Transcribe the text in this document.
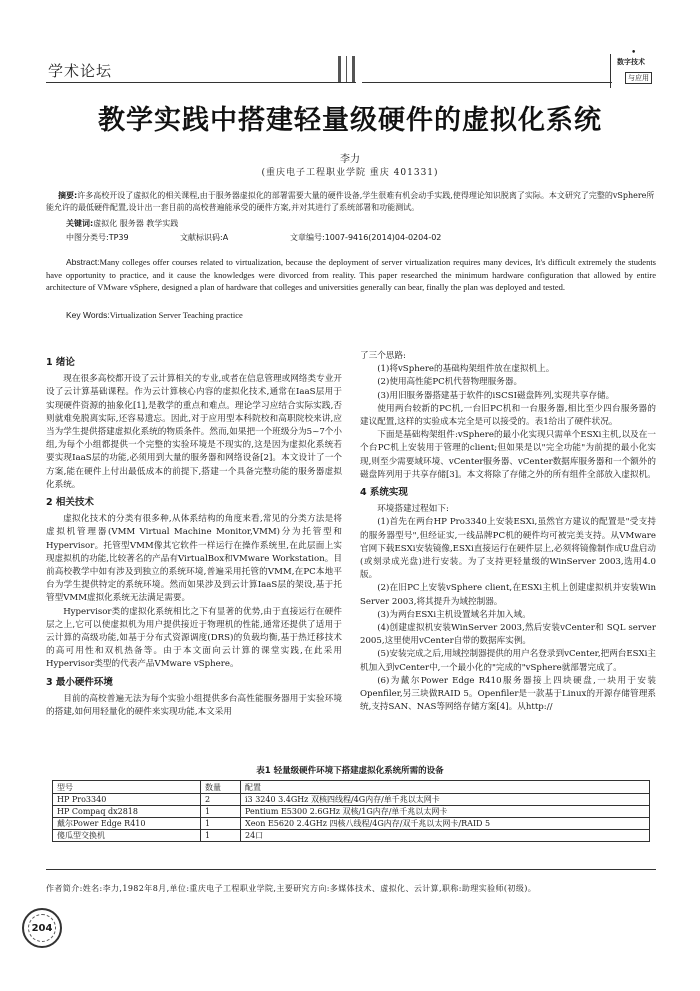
学术论坛
•
数字技术
与应用
教学实践中搭建轻量级硬件的虚拟化系统
李力
(重庆电子工程职业学院 重庆 401331)
摘要:许多高校开设了虚拟化的相关课程,由于服务器虚拟化的部署需要大量的硬件设备,学生很难有机会动手实践,使得理论知识脱离了实际。本文研究了完整的vSphere所能允许的最低硬件配置,设计出一套目前的高校普遍能承受的硬件方案,并对其进行了系统部署和功能测试。
关键词:虚拟化 服务器 教学实践
中图分类号:TP39	文献标识码:A	文章编号:1007-9416(2014)04-0204-02
Abstract:Many colleges offer courses related to virtualization, because the deployment of server virtualization requires many devices, It's difficult extremely the students have opportunity to practice, and it cause the knowledges were divorced from reality. This paper researched the minimum hardware configuration that allowed by entire architecture of VMware vSphere, designed a plan of hardware that colleges and universities generally can bear, finally the plan was deployed and tested.
Key Words:Virtualization Server Teaching practice
1 绪论

现在很多高校都开设了云计算相关的专业,或者在信息管理或网络类专业开设了云计算基础课程。作为云计算核心内容的虚拟化技术,通常在IaaS层用于实现硬件资源的抽象化[1],是教学的重点和难点。理论学习应结合实际实践,否则就难免脱离实际,还容易遗忘。因此,对于应用型本科院校和高职院校来讲,应当为学生提供搭建虚拟化系统的物质条件。然而,如果把一个班级分为5~7个小组,为每个小组都提供一个完整的实验环境是不现实的,这是因为虚拟化系统若要实现IaaS层的功能,必须用到大量的服务器和网络设备[2]。本文设计了一个方案,能在硬件上付出最低成本的前提下,搭建一个具备完整功能的服务器虚拟化系统。

2 相关技术

虚拟化技术的分类有很多种,从体系结构的角度来看,常见的分类方法是将虚拟机管理器(VMM Virtual Machine Monitor,VMM)分为托管型和Hypervisor。托管型VMM像其它软件一样运行在操作系统里,在此层面上实现虚拟机的功能,比较著名的产品有VirtualBox和VMware Workstation。目前高校教学中如有涉及到独立的系统环境,普遍采用托管的VMM,在PC本地平台为学生提供特定的系统环境。然而如果涉及到云计算IaaS层的架设,基于托管型VMM虚拟化系统无法满足需要。

Hypervisor类的虚拟化系统相比之下有显著的优势,由于直接运行在硬件层之上,它可以使虚拟机为用户提供接近于物理机的性能,通常还提供了适用于云计算的高级功能,如基于分布式资源调度(DRS)的负载均衡,基于热迁移技术的高可用性和双机热备等。由于本文面向云计算的课堂实践,在此采用Hypervisor类型的代表产品VMware vSphere。

3 最小硬件环境

目前的高校普遍无法为每个实验小组提供多台高性能服务器用于实验环境的搭建,如何用轻量化的硬件来实现功能,本文采用

了三个思路:

(1)将vSphere的基础构架组件放在虚拟机上。

(2)使用高性能PC机代替物理服务器。

(3)用旧服务器搭建基于软件的iSCSI磁盘阵列,实现共享存储。

使用两台较新的PC机,一台旧PC机和一台服务器,相比至少四台服务器的建议配置,这样的实验成本完全是可以接受的。表1给出了硬件状况。

下面是基础构架组件:vSphere的最小化实现只需单个ESXi主机,以及在一个台PC机上安装用于管理的client;但如果是以"完全功能"为前提的最小化实现,则至少需要域环境、vCenter服务器、vCenter数据库服务器和一个额外的磁盘阵列用于共享存储[3]。本文将除了存储之外的所有组件全部放入虚拟机。

4 系统实现

环境搭建过程如下:

(1)首先在两台HP Pro3340上安装ESXi,虽然官方建议的配置是"受支持的服务器型号",但经证实,一线品牌PC机的硬件均可被完美支持。从VMware官网下载ESXi安装镜像,ESXi直接运行在硬件层上,必须将镜像制作成U盘启动(或刻录成光盘)进行安装。为了支持更轻量级的WinServer 2003,选用4.0版。

(2)在旧PC上安装vSphere client,在ESXi主机上创建虚拟机并安装Win Server 2003,将其提升为域控制器。

(3)为两台ESXi主机设置域名并加入域。

(4)创建虚拟机安装WinServer 2003,然后安装vCenter和 SQL server 2005,这里使用vCenter自带的数据库实例。

(5)安装完成之后,用域控制器提供的用户名登录到vCenter,把两台ESXi主机加入到vCenter中,一个最小化的"完成的"vSphere就部署完成了。

(6)为戴尔Power Edge R410服务器接上四块硬盘,一块用于安装Openfiler,另三块做RAID 5。Openfiler是一款基于Linux的开源存储管理系统,支持SAN、NAS等网络存储方案[4]。从http://

表1 轻量级硬件环境下搭建虚拟化系统所需的设备
型号	数量	配置
HP Pro3340	2	i3 3240 3.4GHz 双核四线程/4G内存/单千兆以太网卡
HP Compaq dx2818	1	Pentium E5300 2.6GHz 双核/1G内存/单千兆以太网卡
戴尔Power Edge R410	1	Xeon E5620 2.4GHz 四核八线程/4G内存/双千兆以太网卡/RAID 5
傻瓜型交换机	1	24口
作者简介:姓名:李力,1982年8月,单位:重庆电子工程职业学院,主要研究方向:多媒体技术、虚拟化、云计算,职称:助理实验师(初级)。
204
